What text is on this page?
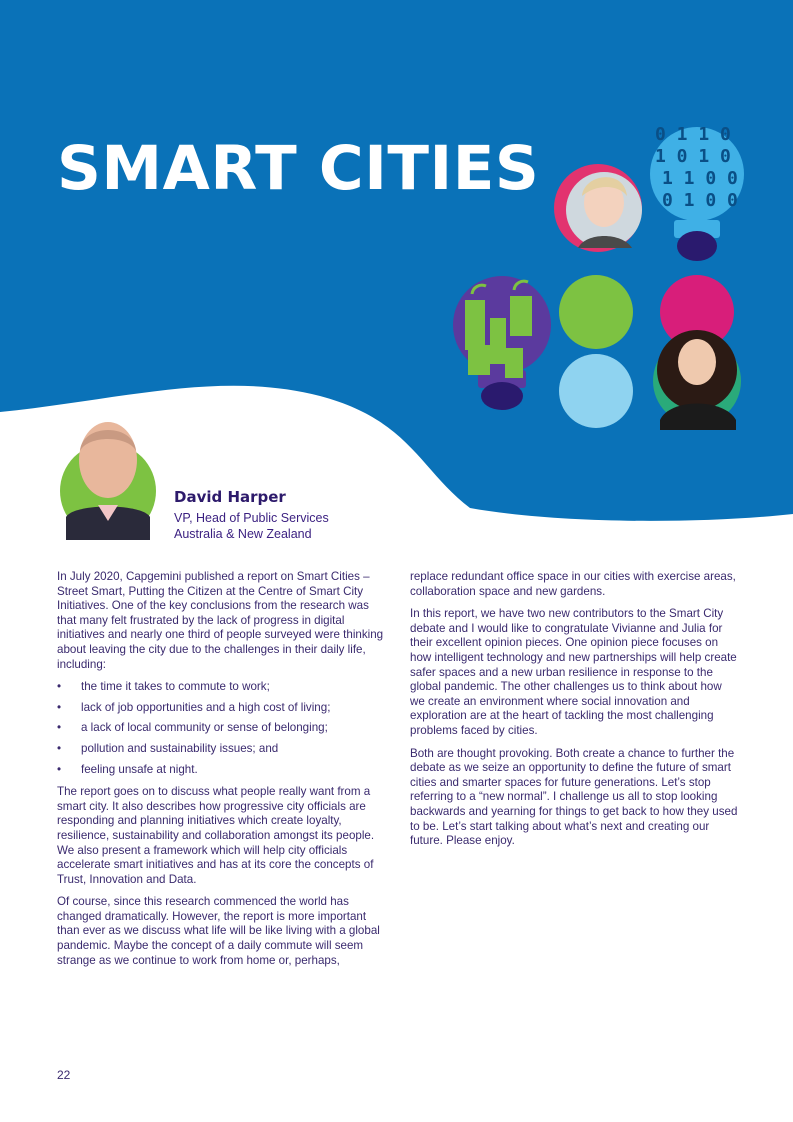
0 1 1 0
1 0 1 0
1 1 0 0
0 1 0 0
SMART CITIES
David Harper
VP, Head of Public Services
Australia & New Zealand

In July 2020, Capgemini published a report on Smart Cities – Street Smart, Putting the Citizen at the Centre of Smart City Initiatives. One of the key conclusions from the research was that many felt frustrated by the lack of progress in digital initiatives and nearly one third of people surveyed were thinking about leaving the city due to the challenges in their daily life, including:

• the time it takes to commute to work;
• lack of job opportunities and a high cost of living;
• a lack of local community or sense of belonging;
• pollution and sustainability issues; and
• feeling unsafe at night.

The report goes on to discuss what people really want from a smart city. It also describes how progressive city officials are responding and planning initiatives which create loyalty, resilience, sustainability and collaboration amongst its people. We also present a framework which will help city officials accelerate smart initiatives and has at its core the concepts of Trust, Innovation and Data.

Of course, since this research commenced the world has changed dramatically. However, the report is more important than ever as we discuss what life will be like living with a global pandemic. Maybe the concept of a daily commute will seem strange as we continue to work from home or, perhaps,

replace redundant office space in our cities with exercise areas, collaboration space and new gardens.

In this report, we have two new contributors to the Smart City debate and I would like to congratulate Vivianne and Julia for their excellent opinion pieces. One opinion piece focuses on how intelligent technology and new partnerships will help create safer spaces and a new urban resilience in response to the global pandemic. The other challenges us to think about how we create an environment where social innovation and exploration are at the heart of tackling the most challenging problems faced by cities.

Both are thought provoking. Both create a chance to further the debate as we seize an opportunity to define the future of smart cities and smarter spaces for future generations. Let’s stop referring to a “new normal”. I challenge us all to stop looking backwards and yearning for things to get back to how they used to be. Let’s start talking about what’s next and creating our future. Please enjoy.

22
